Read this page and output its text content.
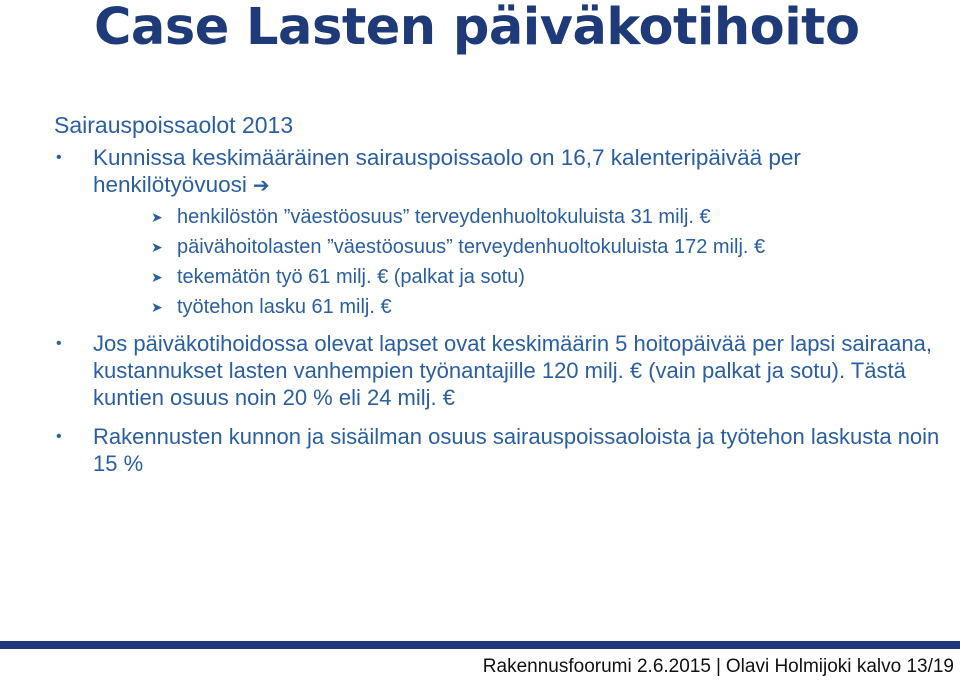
Case Lasten päiväkotihoito
Sairauspoissaolot 2013
• Kunnissa keskimääräinen sairauspoissaolo on 16,7 kalenteripäivää per henkilötyövuosi ➔
➤ henkilöstön ”väestöosuus” terveydenhuoltokuluista 31 milj. €
➤ päivähoitolasten ”väestöosuus” terveydenhuoltokuluista 172 milj. €
➤ tekemätön työ 61 milj. € (palkat ja sotu)
➤ työtehon lasku 61 milj. €
• Jos päiväkotihoidossa olevat lapset ovat keskimäärin 5 hoitopäivää per lapsi sairaana, kustannukset lasten vanhempien työnantajille 120 milj. € (vain palkat ja sotu). Tästä kuntien osuus noin 20 % eli 24 milj. €
• Rakennusten kunnon ja sisäilman osuus sairauspoissaoloista ja työtehon laskusta noin 15 %
Rakennusfoorumi 2.6.2015 | Olavi Holmijoki kalvo 13/19
